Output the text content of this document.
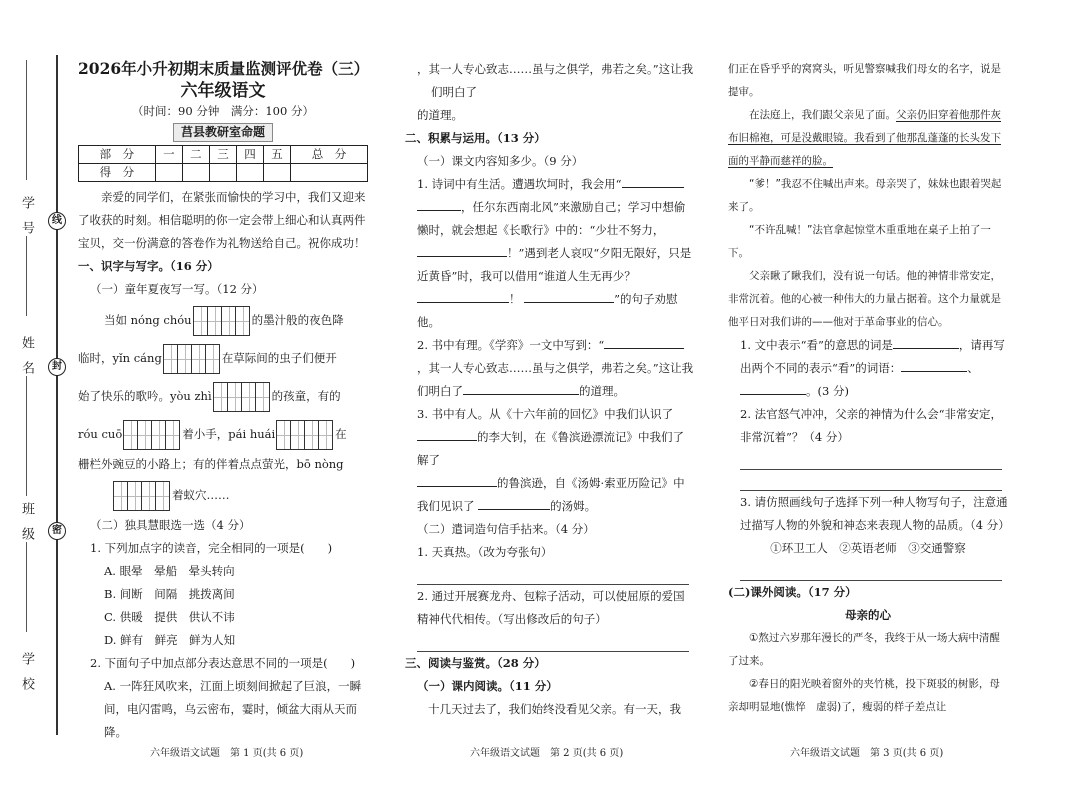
学 号
姓 名
班 级
学 校
线
封
密
2026年小升初期末质量监测评优卷（三）
六年级语文
（时间：90 分钟　满分：100 分）
莒县教研室命题
部　分	一	二	三	四	五	总　分
得　分						
亲爱的同学们，在紧张而愉快的学习中，我们又迎来了收获的时刻。相信聪明的你一定会带上细心和认真两件宝贝，交一份满意的答卷作为礼物送给自己。祝你成功！
一、识字与写字。（16 分）
（一）童年夏夜写一写。（12 分）
当如 nóng chóu	的墨汁般的夜色降
临时，yǐn cáng	在草际间的虫子们便开
始了快乐的歌吟。yòu zhì	的孩童，有的
róu cuō	着小手，pái huái	在
栅栏外豌豆的小路上；有的伴着点点萤光，bō nòng
着蚁穴……
（二）独具慧眼选一选（4 分）
1. 下列加点字的读音，完全相同的一项是(　　)
A. 眼晕　晕船　晕头转向
B. 间断　间隔　挑拨离间
C. 供暖　提供　供认不讳
D. 鲜有　鲜亮　鲜为人知
2. 下面句子中加点部分表达意思不同的一项是(　　)
A. 一阵狂风吹来，江面上顷刻间掀起了巨浪，一瞬间，电闪雷鸣，乌云密布，霎时，倾盆大雨从天而降。
，其一人专心致志……虽与之俱学，弗若之矣。”这让我们明白了
的道理。
二、积累与运用。（13 分）
（一）课文内容知多少。（9 分）
1. 诗词中有生活。遭遇坎坷时，我会用“
，任尔东西南北风”来激励自己；学习中想偷懒时，就会想起《长歌行》中的：“少壮不努力，
！”遇到老人哀叹“夕阳无限好，只是近黄昏”时，我可以借用“谁道人生无再少？
！	”的句子劝慰他。
2. 书中有理。《学弈》一文中写到：“，其一人专心致志……虽与之俱学，弗若之矣。”这让我们明白了	的道理。
3. 书中有人。从《十六年前的回忆》中我们认识了
的李大钊，在《鲁滨逊漂流记》中我们了解了
的鲁滨逊，自《汤姆·索亚历险记》中我们见识了	的汤姆。
（二）遣词造句信手拈来。（4 分）
1. 天真热。（改为夸张句）
2. 通过开展赛龙舟、包粽子活动，可以使屈原的爱国精神代代相传。（写出修改后的句子）
三、阅读与鉴赏。（28 分）
（一）课内阅读。（11 分）
十几天过去了，我们始终没看见父亲。有一天，我
们正在昏乎乎的窝窝头，听见警察喊我们母女的名字，说是提审。
在法庭上，我们跟父亲见了面。父亲仍旧穿着他那件灰布旧棉袍，可是没戴眼镜。我看到了他那乱蓬蓬的长头发下面的平静而慈祥的脸。
“爹！”我忍不住喊出声来。母亲哭了，妹妹也跟着哭起来了。
“不许乱喊！”法官拿起惊堂木重重地在桌子上拍了一下。
父亲瞅了瞅我们，没有说一句话。他的神情非常安定，非常沉着。他的心被一种伟大的力量占据着。这个力量就是他平日对我们讲的——他对于革命事业的信心。
1. 文中表示“看”的意思的词是	，请再写出两个不同的表示“看”的词语：	、。(3 分)
2. 法官怒气冲冲，父亲的神情为什么会“非常安定，非常沉着”？（4 分）
3. 请仿照画线句子选择下列一种人物写句子，注意通过描写人物的外貌和神态来表现人物的品质。（4 分）
①环卫工人　②英语老师　③交通警察
(二)课外阅读。（17 分）
母亲的心
①熬过六岁那年漫长的严冬，我终于从一场大病中清醒了过来。
②春日的阳光映着窗外的夹竹桃，投下斑驳的树影，母亲却明显地(憔悴　虚弱)了，瘦弱的样子差点让
六年级语文试题　第 1 页(共 6 页)	六年级语文试题　第 2 页(共 6 页)	六年级语文试题　第 3 页(共 6 页)
